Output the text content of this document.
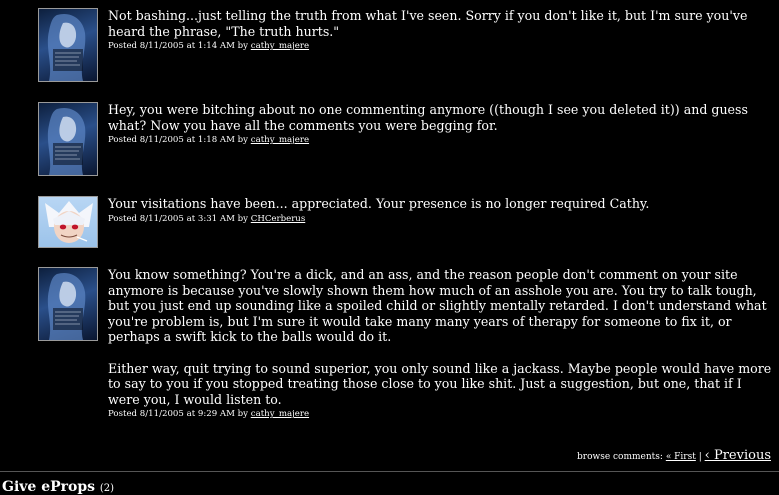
Not bashing...just telling the truth from what I've seen. Sorry if you don't like it, but I'm sure you've heard the phrase, "The truth hurts."

Posted 8/11/2005 at 1:14 AM by cathy_majere

Hey, you were bitching about no one commenting anymore ((though I see you deleted it)) and guess what? Now you have all the comments you were begging for.

Posted 8/11/2005 at 1:18 AM by cathy_majere

Your visitations have been... appreciated. Your presence is no longer required Cathy.

Posted 8/11/2005 at 3:31 AM by CHCerberus

You know something? You're a dick, and an ass, and the reason people don't comment on your site anymore is because you've slowly shown them how much of an asshole you are. You try to talk tough, but you just end up sounding like a spoiled child or slightly mentally retarded. I don't understand what you're problem is, but I'm sure it would take many many years of therapy for someone to fix it, or perhaps a swift kick to the balls would do it.

Either way, quit trying to sound superior, you only sound like a jackass. Maybe people would have more to say to you if you stopped treating those close to you like shit. Just a suggestion, but one, that if I were you, I would listen to.

Posted 8/11/2005 at 9:29 AM by cathy_majere
browse comments: « First | ‹ Previous
Give eProps (2)
